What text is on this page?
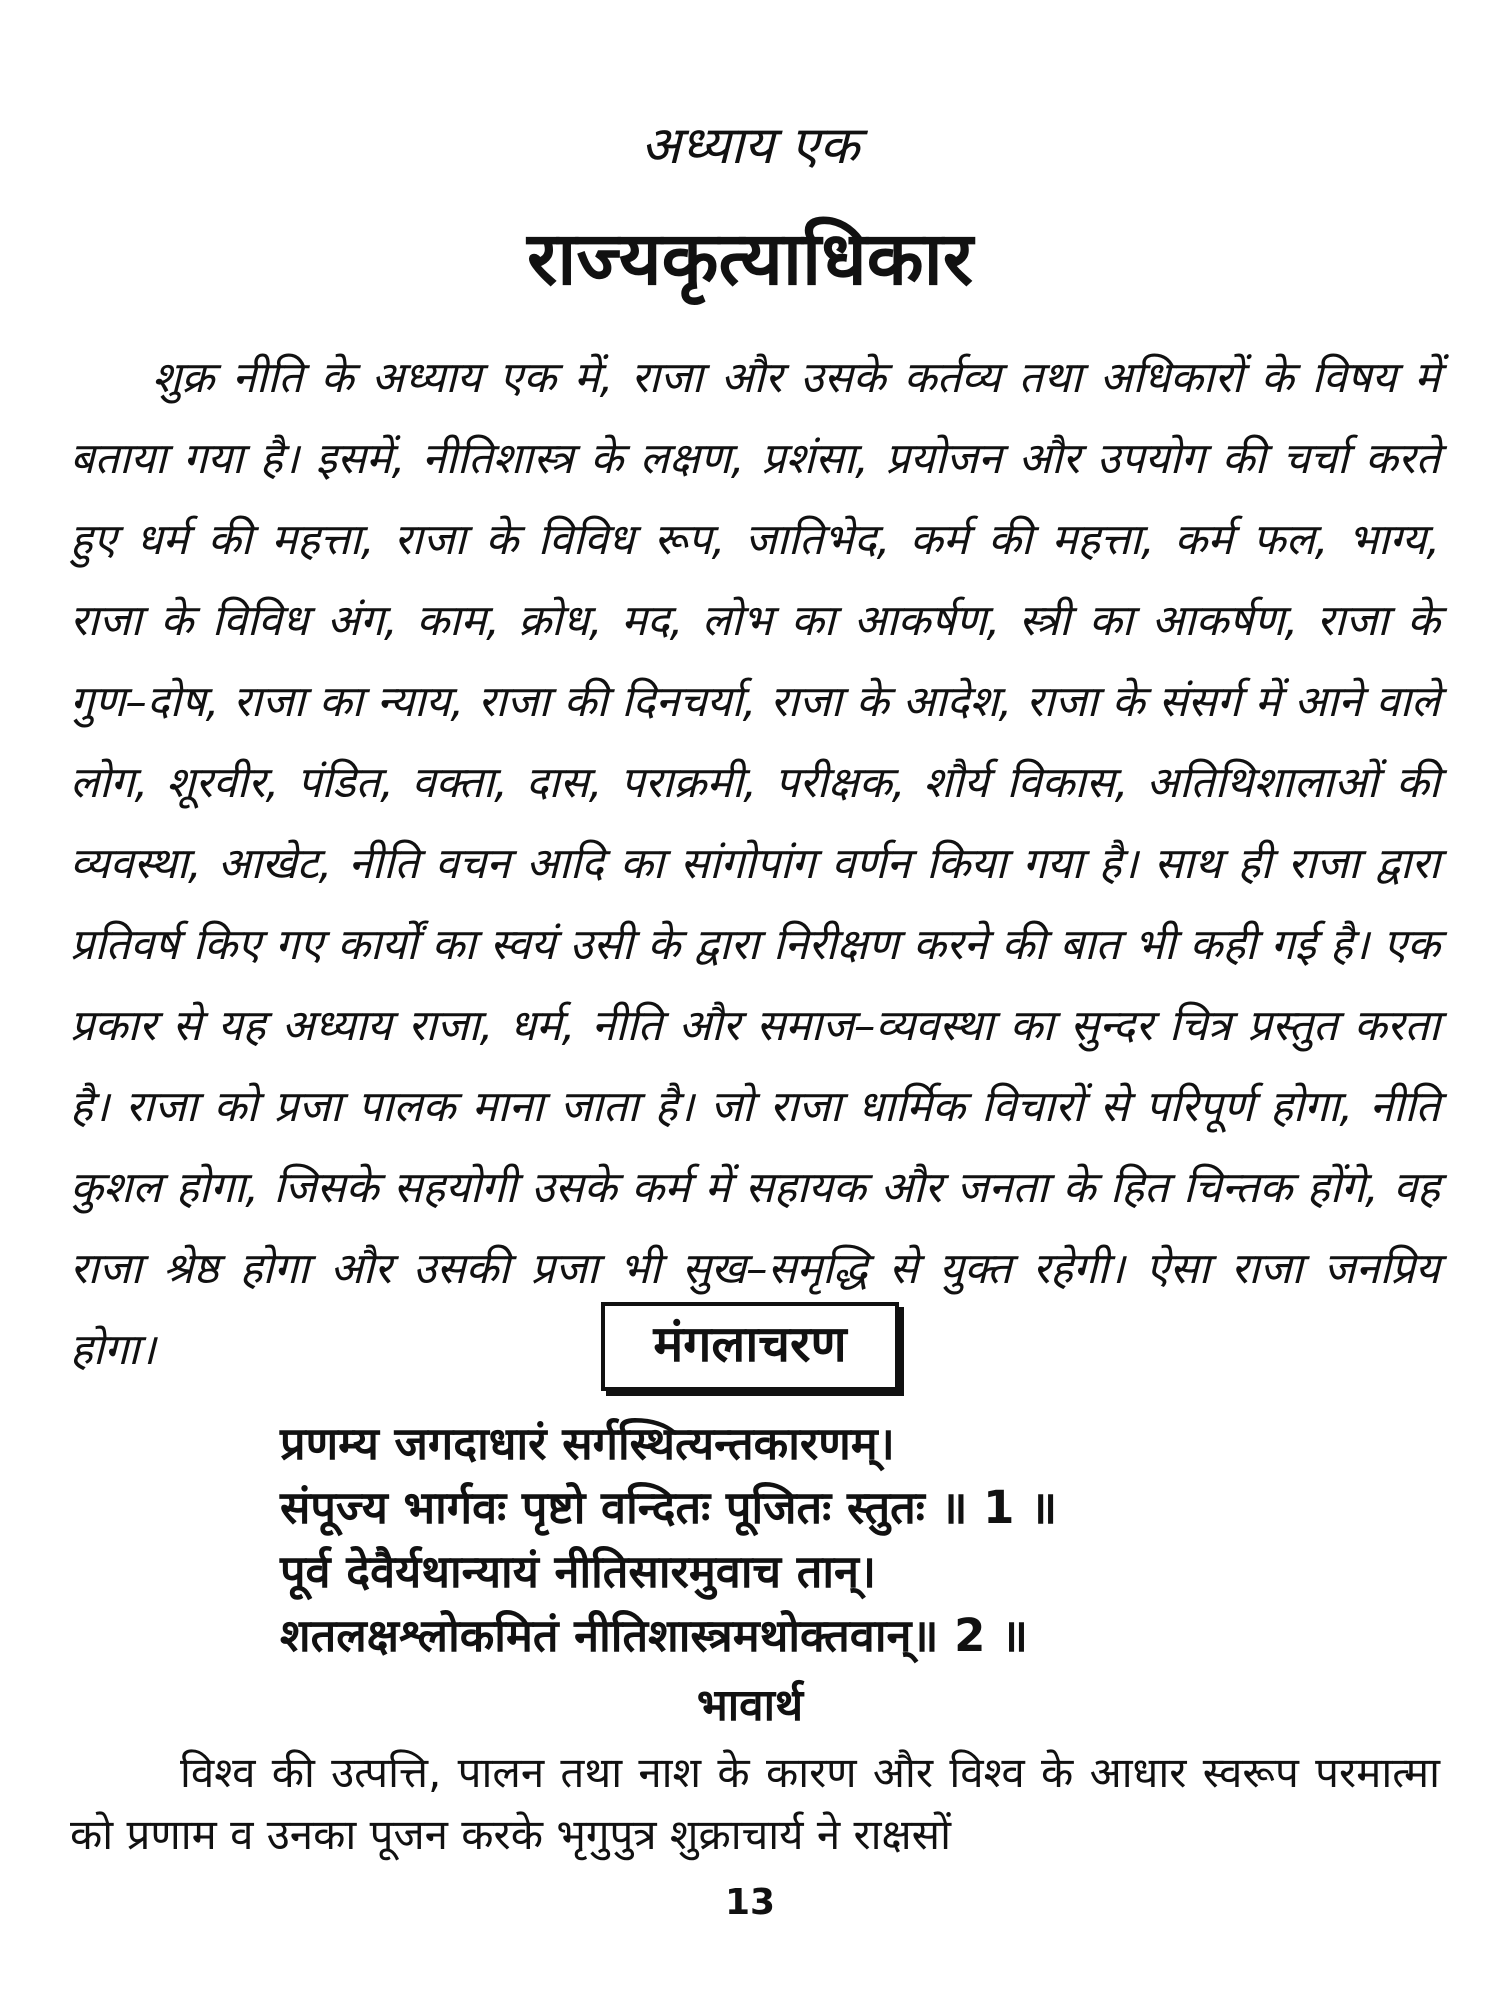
अध्याय एक
राज्यकृत्याधिकार

शुक्र नीति के अध्याय एक में, राजा और उसके कर्तव्य तथा अधिकारों के विषय में बताया गया है। इसमें, नीतिशास्त्र के लक्षण, प्रशंसा, प्रयोजन और उपयोग की चर्चा करते हुए धर्म की महत्ता, राजा के विविध रूप, जातिभेद, कर्म की महत्ता, कर्म फल, भाग्य, राजा के विविध अंग, काम, क्रोध, मद, लोभ का आकर्षण, स्त्री का आकर्षण, राजा के गुण–दोष, राजा का न्याय, राजा की दिनचर्या, राजा के आदेश, राजा के संसर्ग में आने वाले लोग, शूरवीर, पंडित, वक्ता, दास, पराक्रमी, परीक्षक, शौर्य विकास, अतिथिशालाओं की व्यवस्था, आखेट, नीति वचन आदि का सांगोपांग वर्णन किया गया है। साथ ही राजा द्वारा प्रतिवर्ष किए गए कार्यों का स्वयं उसी के द्वारा निरीक्षण करने की बात भी कही गई है। एक प्रकार से यह अध्याय राजा, धर्म, नीति और समाज–व्यवस्था का सुन्दर चित्र प्रस्तुत करता है। राजा को प्रजा पालक माना जाता है। जो राजा धार्मिक विचारों से परिपूर्ण होगा, नीति कुशल होगा, जिसके सहयोगी उसके कर्म में सहायक और जनता के हित चिन्तक होंगे, वह राजा श्रेष्ठ होगा और उसकी प्रजा भी सुख–समृद्धि से युक्त रहेगी। ऐसा राजा जनप्रिय होगा।	मंगलाचरण
प्रणम्य जगदाधारं सर्गस्थित्यन्तकारणम्।
संपूज्य भार्गवः पृष्टो वन्दितः पूजितः स्तुतः ॥ 1 ॥
पूर्व देवैर्यथान्यायं नीतिसारमुवाच तान्।
शतलक्षश्लोकमितं नीतिशास्त्रमथोक्तवान्॥ 2 ॥
भावार्थ

विश्व की उत्पत्ति, पालन तथा नाश के कारण और विश्व के आधार स्वरूप परमात्मा को प्रणाम व उनका पूजन करके भृगुपुत्र शुक्राचार्य ने राक्षसों

13
